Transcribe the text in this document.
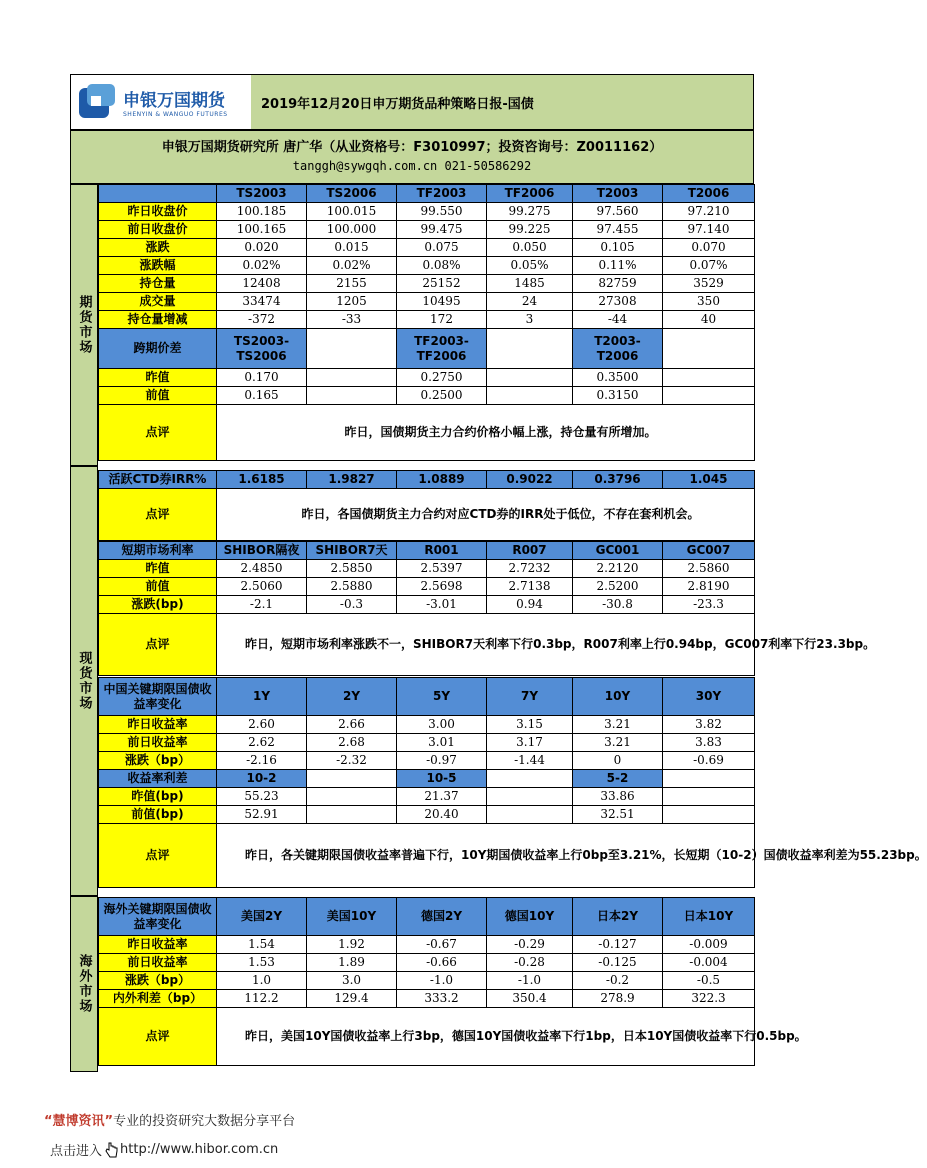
申银万国期货
SHENYIN & WANGUO FUTURES
2019年12月20日申万期货品种策略日报-国债
申银万国期货研究所 唐广华（从业资格号：F3010997；投资咨询号：Z0011162）
tanggh@sywgqh.com.cn 021-50586292
期货市场
现货市场
海外市场
	TS2003	TS2006	TF2003	TF2006	T2003	T2006
昨日收盘价	100.185	100.015	99.550	99.275	97.560	97.210
前日收盘价	100.165	100.000	99.475	99.225	97.455	97.140
涨跌	0.020	0.015	0.075	0.050	0.105	0.070
涨跌幅	0.02%	0.02%	0.08%	0.05%	0.11%	0.07%
持仓量	12408	2155	25152	1485	82759	3529
成交量	33474	1205	10495	24	27308	350
持仓量增减	-372	-33	172	3	-44	40
跨期价差	TS2003-
TS2006		TF2003-
TF2006		T2003-
T2006	
昨值	0.170		0.2750		0.3500	
前值	0.165		0.2500		0.3150	
点评	昨日，国债期货主力合约价格小幅上涨，持仓量有所增加。					
活跃CTD券IRR%	1.6185	1.9827	1.0889	0.9022	0.3796	1.045
点评	昨日，各国债期货主力合约对应CTD券的IRR处于低位，不存在套利机会。					
短期市场利率	SHIBOR隔夜	SHIBOR7天	R001	R007	GC001	GC007
昨值	2.4850	2.5850	2.5397	2.7232	2.2120	2.5860
前值	2.5060	2.5880	2.5698	2.7138	2.5200	2.8190
涨跌(bp)	-2.1	-0.3	-3.01	0.94	-30.8	-23.3
点评	昨日，短期市场利率涨跌不一，SHIBOR7天利率下行0.3bp，R007利率上行0.94bp，GC007利率下行23.3bp。					
中国关键期限国债收益率变化	1Y	2Y	5Y	7Y	10Y	30Y
昨日收益率	2.60	2.66	3.00	3.15	3.21	3.82
前日收益率	2.62	2.68	3.01	3.17	3.21	3.83
涨跌（bp）	-2.16	-2.32	-0.97	-1.44	0	-0.69
收益率利差	10-2		10-5		5-2	
昨值(bp)	55.23		21.37		33.86	
前值(bp)	52.91		20.40		32.51	
点评	昨日，各关键期限国债收益率普遍下行，10Y期国债收益率上行0bp至3.21%，长短期（10-2）国债收益率利差为55.23bp。					
海外关键期限国债收益率变化	美国2Y	美国10Y	德国2Y	德国10Y	日本2Y	日本10Y
昨日收益率	1.54	1.92	-0.67	-0.29	-0.127	-0.009
前日收益率	1.53	1.89	-0.66	-0.28	-0.125	-0.004
涨跌（bp）	1.0	3.0	-1.0	-1.0	-0.2	-0.5
内外利差（bp）	112.2	129.4	333.2	350.4	278.9	322.3
点评	昨日，美国10Y国债收益率上行3bp，德国10Y国债收益率下行1bp，日本10Y国债收益率下行0.5bp。					
“慧博资讯”专业的投资研究大数据分享平台
点击进入 http://www.hibor.com.cn
